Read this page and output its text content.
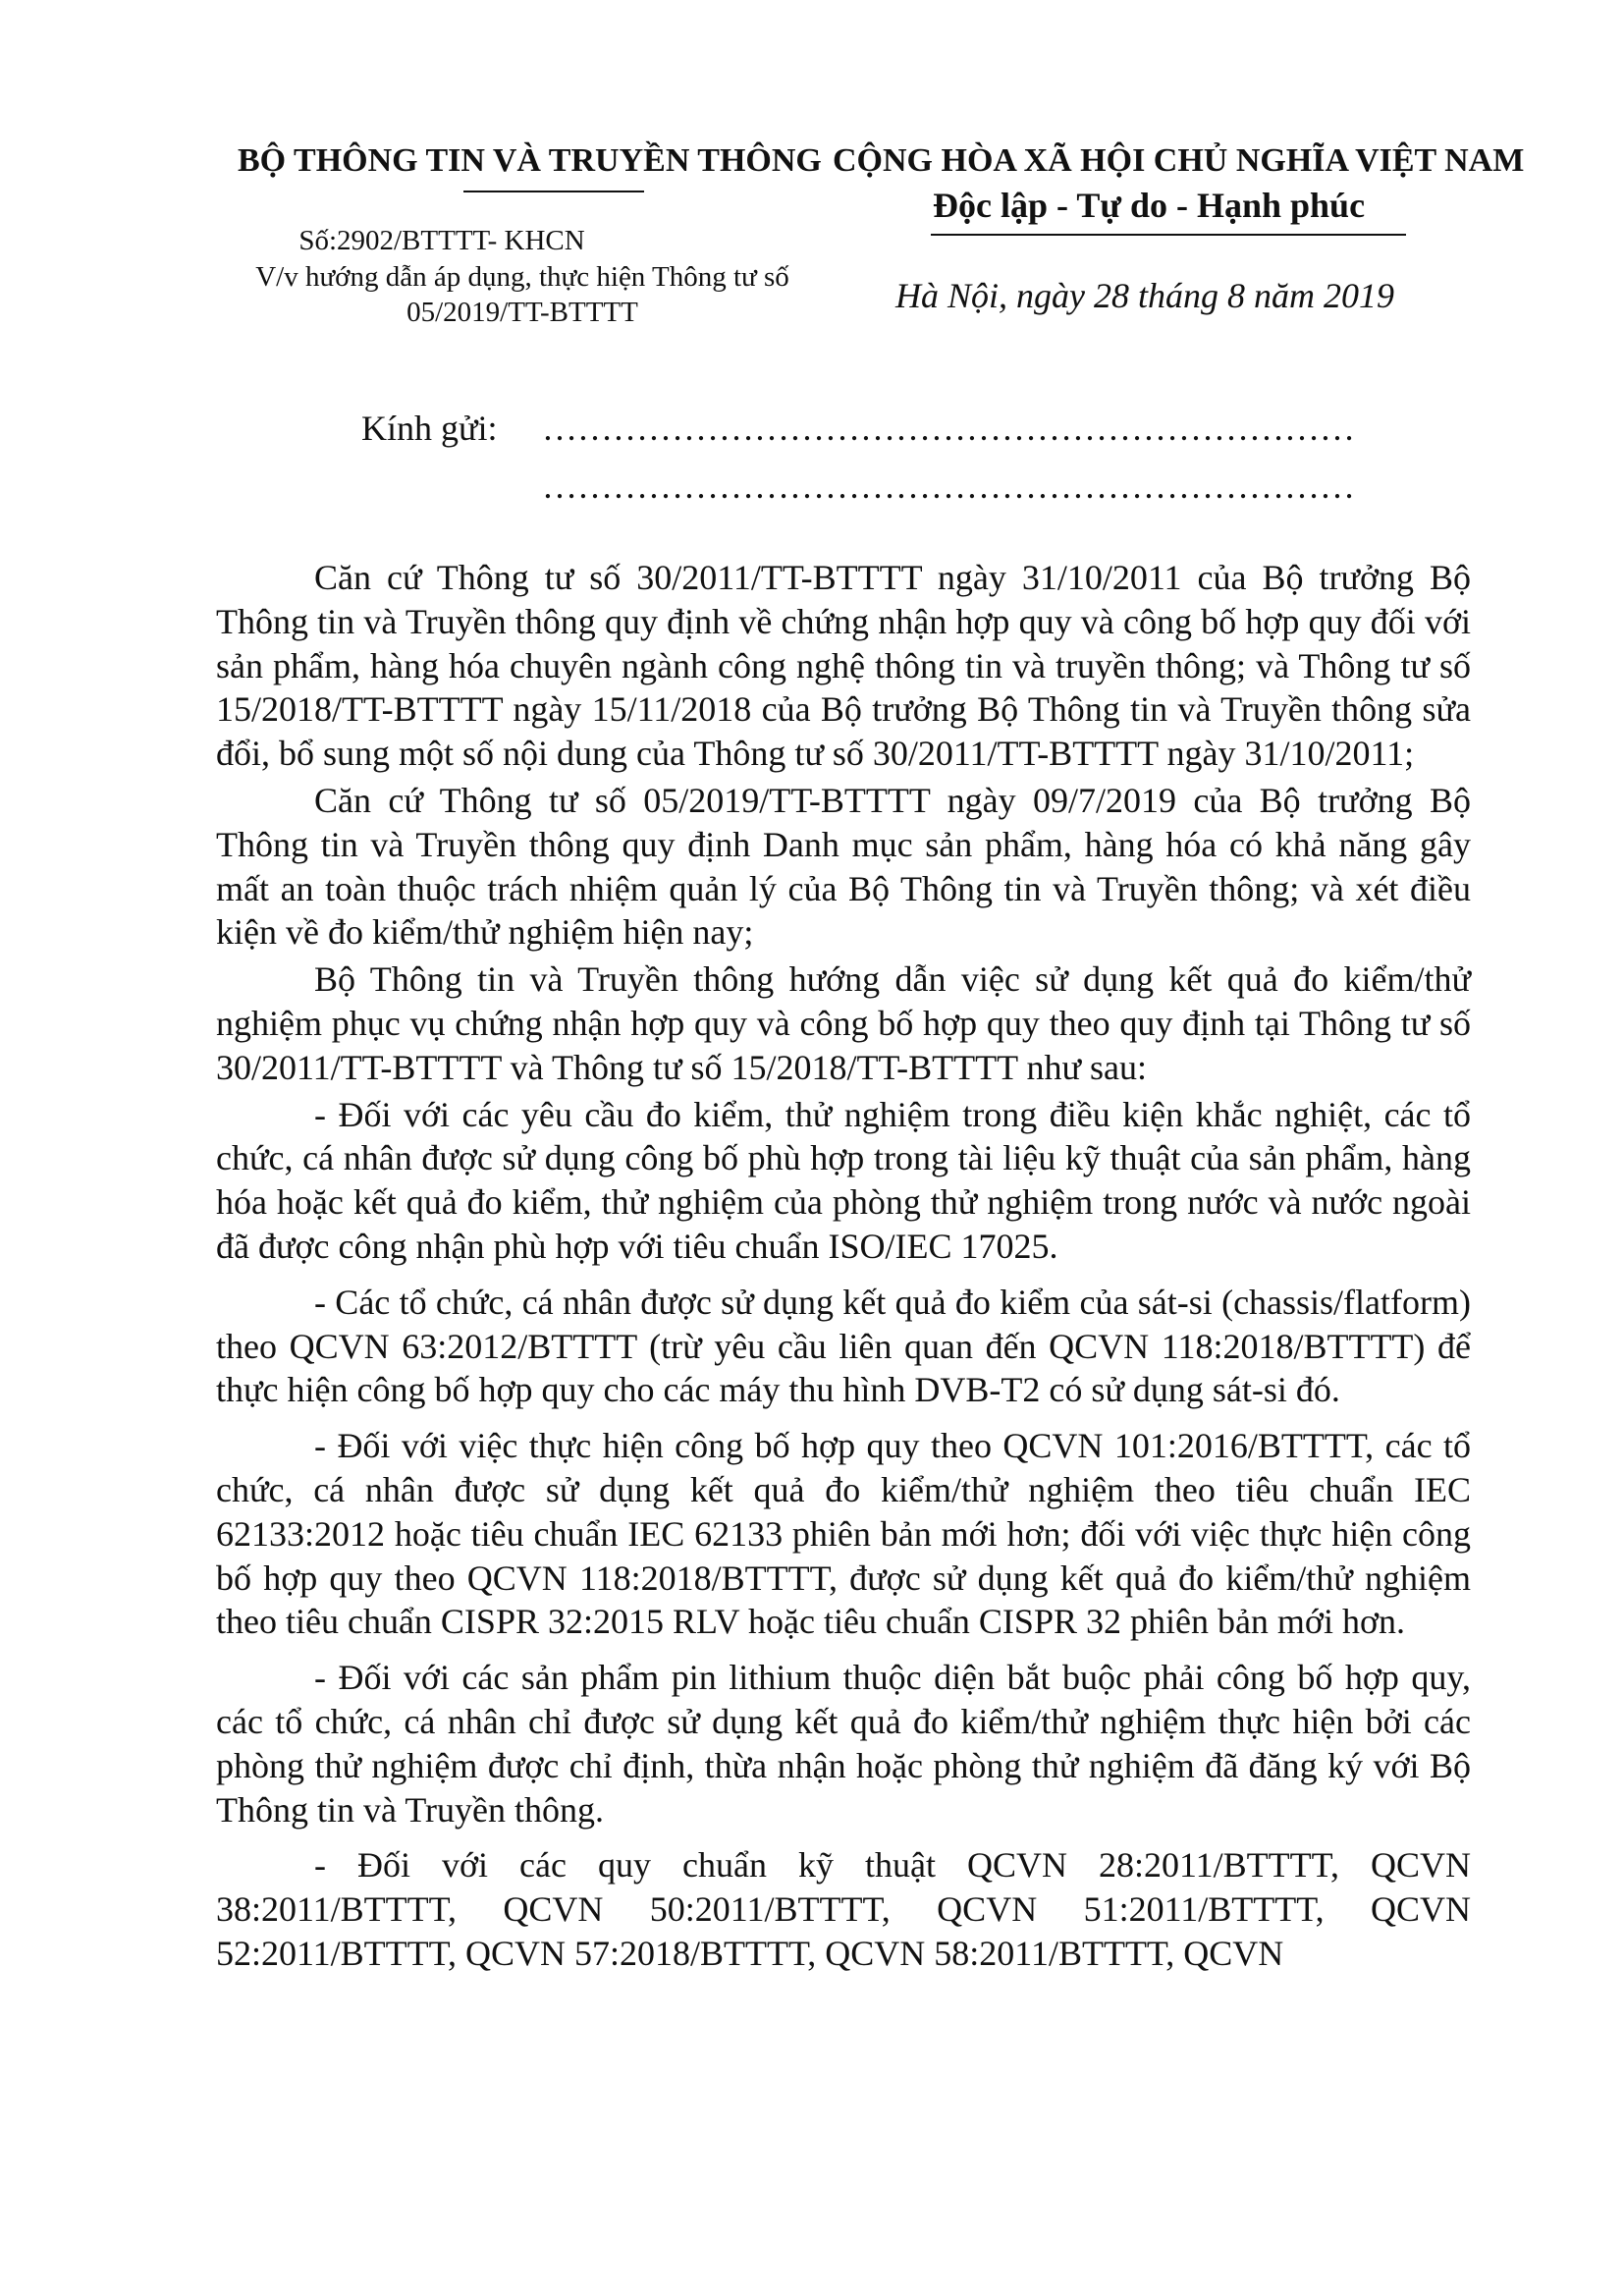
BỘ THÔNG TIN VÀ TRUYỀN THÔNG CỘNG HÒA XÃ HỘI CHỦ NGHĨA VIỆT NAM

Độc lập - Tự do - Hạnh phúc

Số:2902/BTTTT- KHCN

V/v hướng dẫn áp dụng, thực hiện Thông tư số 05/2019/TT-BTTTT	Hà Nội, ngày 28 tháng 8 năm 2019

Kính gửi: ……………………………………………………………

……………………………………………………………

Căn cứ Thông tư số 30/2011/TT-BTTTT ngày 31/10/2011 của Bộ trưởng Bộ Thông tin và Truyền thông quy định về chứng nhận hợp quy và công bố hợp quy đối với sản phẩm, hàng hóa chuyên ngành công nghệ thông tin và truyền thông; và Thông tư số 15/2018/TT-BTTTT ngày 15/11/2018 của Bộ trưởng Bộ Thông tin và Truyền thông sửa đổi, bổ sung một số nội dung của Thông tư số 30/2011/TT-BTTTT ngày 31/10/2011;

Căn cứ Thông tư số 05/2019/TT-BTTTT ngày 09/7/2019 của Bộ trưởng Bộ Thông tin và Truyền thông quy định Danh mục sản phẩm, hàng hóa có khả năng gây mất an toàn thuộc trách nhiệm quản lý của Bộ Thông tin và Truyền thông; và xét điều kiện về đo kiểm/thử nghiệm hiện nay;

Bộ Thông tin và Truyền thông hướng dẫn việc sử dụng kết quả đo kiểm/thử nghiệm phục vụ chứng nhận hợp quy và công bố hợp quy theo quy định tại Thông tư số 30/2011/TT-BTTTT và Thông tư số 15/2018/TT-BTTTT như sau:

- Đối với các yêu cầu đo kiểm, thử nghiệm trong điều kiện khắc nghiệt, các tổ chức, cá nhân được sử dụng công bố phù hợp trong tài liệu kỹ thuật của sản phẩm, hàng hóa hoặc kết quả đo kiểm, thử nghiệm của phòng thử nghiệm trong nước và nước ngoài đã được công nhận phù hợp với tiêu chuẩn ISO/IEC 17025.

- Các tổ chức, cá nhân được sử dụng kết quả đo kiểm của sát-si (chassis/flatform) theo QCVN 63:2012/BTTTT (trừ yêu cầu liên quan đến QCVN 118:2018/BTTTT) để thực hiện công bố hợp quy cho các máy thu hình DVB-T2 có sử dụng sát-si đó.

- Đối với việc thực hiện công bố hợp quy theo QCVN 101:2016/BTTTT, các tổ chức, cá nhân được sử dụng kết quả đo kiểm/thử nghiệm theo tiêu chuẩn IEC 62133:2012 hoặc tiêu chuẩn IEC 62133 phiên bản mới hơn; đối với việc thực hiện công bố hợp quy theo QCVN 118:2018/BTTTT, được sử dụng kết quả đo kiểm/thử nghiệm theo tiêu chuẩn CISPR 32:2015 RLV hoặc tiêu chuẩn CISPR 32 phiên bản mới hơn.

- Đối với các sản phẩm pin lithium thuộc diện bắt buộc phải công bố hợp quy, các tổ chức, cá nhân chỉ được sử dụng kết quả đo kiểm/thử nghiệm thực hiện bởi các phòng thử nghiệm được chỉ định, thừa nhận hoặc phòng thử nghiệm đã đăng ký với Bộ Thông tin và Truyền thông.

- Đối với các quy chuẩn kỹ thuật QCVN 28:2011/BTTTT, QCVN 38:2011/BTTTT, QCVN 50:2011/BTTTT, QCVN 51:2011/BTTTT, QCVN 52:2011/BTTTT, QCVN 57:2018/BTTTT, QCVN 58:2011/BTTTT, QCVN
